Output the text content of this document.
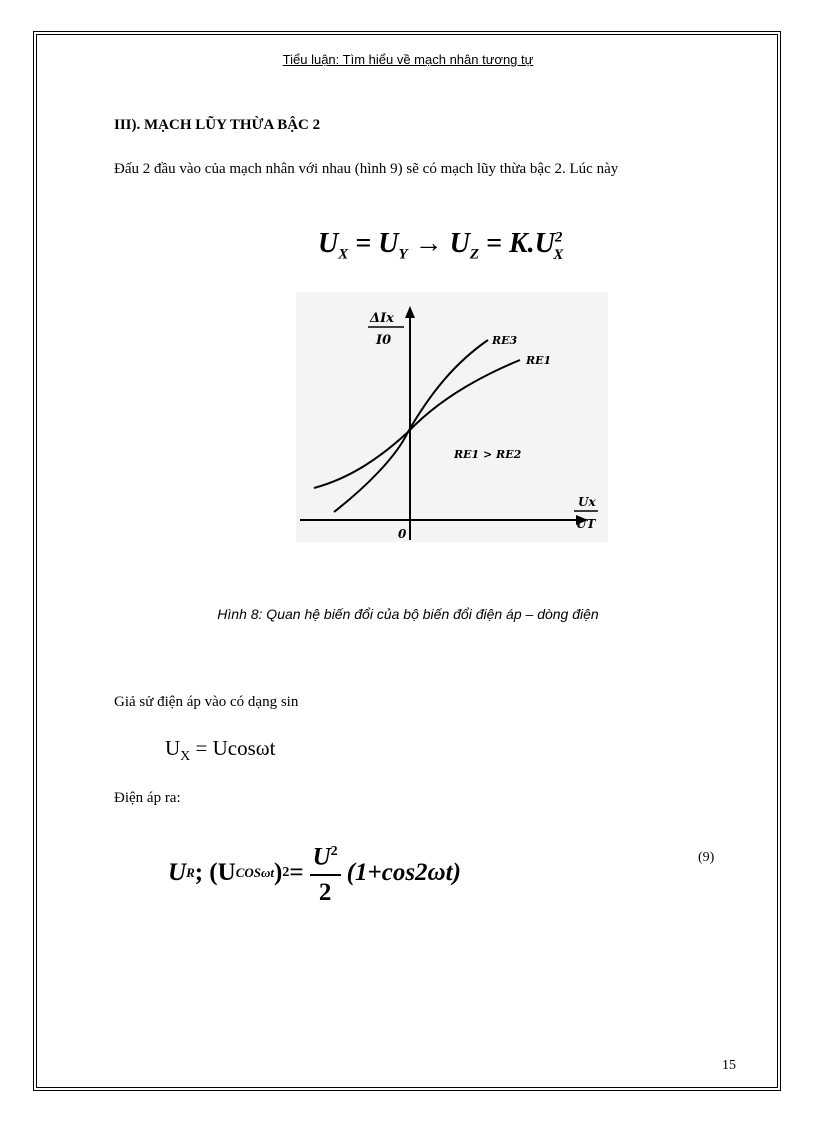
Tiểu luận: Tìm hiểu về mạch nhân tương tự
III). MẠCH LŨY THỪA BẬC 2
Đấu 2 đầu vào của mạch nhân với nhau (hình 9) sẽ có mạch lũy thừa bậc 2. Lúc này
$U_X = U_Y \to U_Z = K.U^2_X$
ΔIx
I0	RE3
RE1
RE1 > RE2
Ux
UT
0
Hình 8: Quan hệ biến đổi của bộ biến đổi điện áp – dòng điện
Giả sử điện áp vào có dạng sin
$U_X = Ucos\omega t$
Điện áp ra:
U R ; (U COSωt ) $2 = \frac{U^2}{2} (1+\cos 2\omega t)$
(9)
15
